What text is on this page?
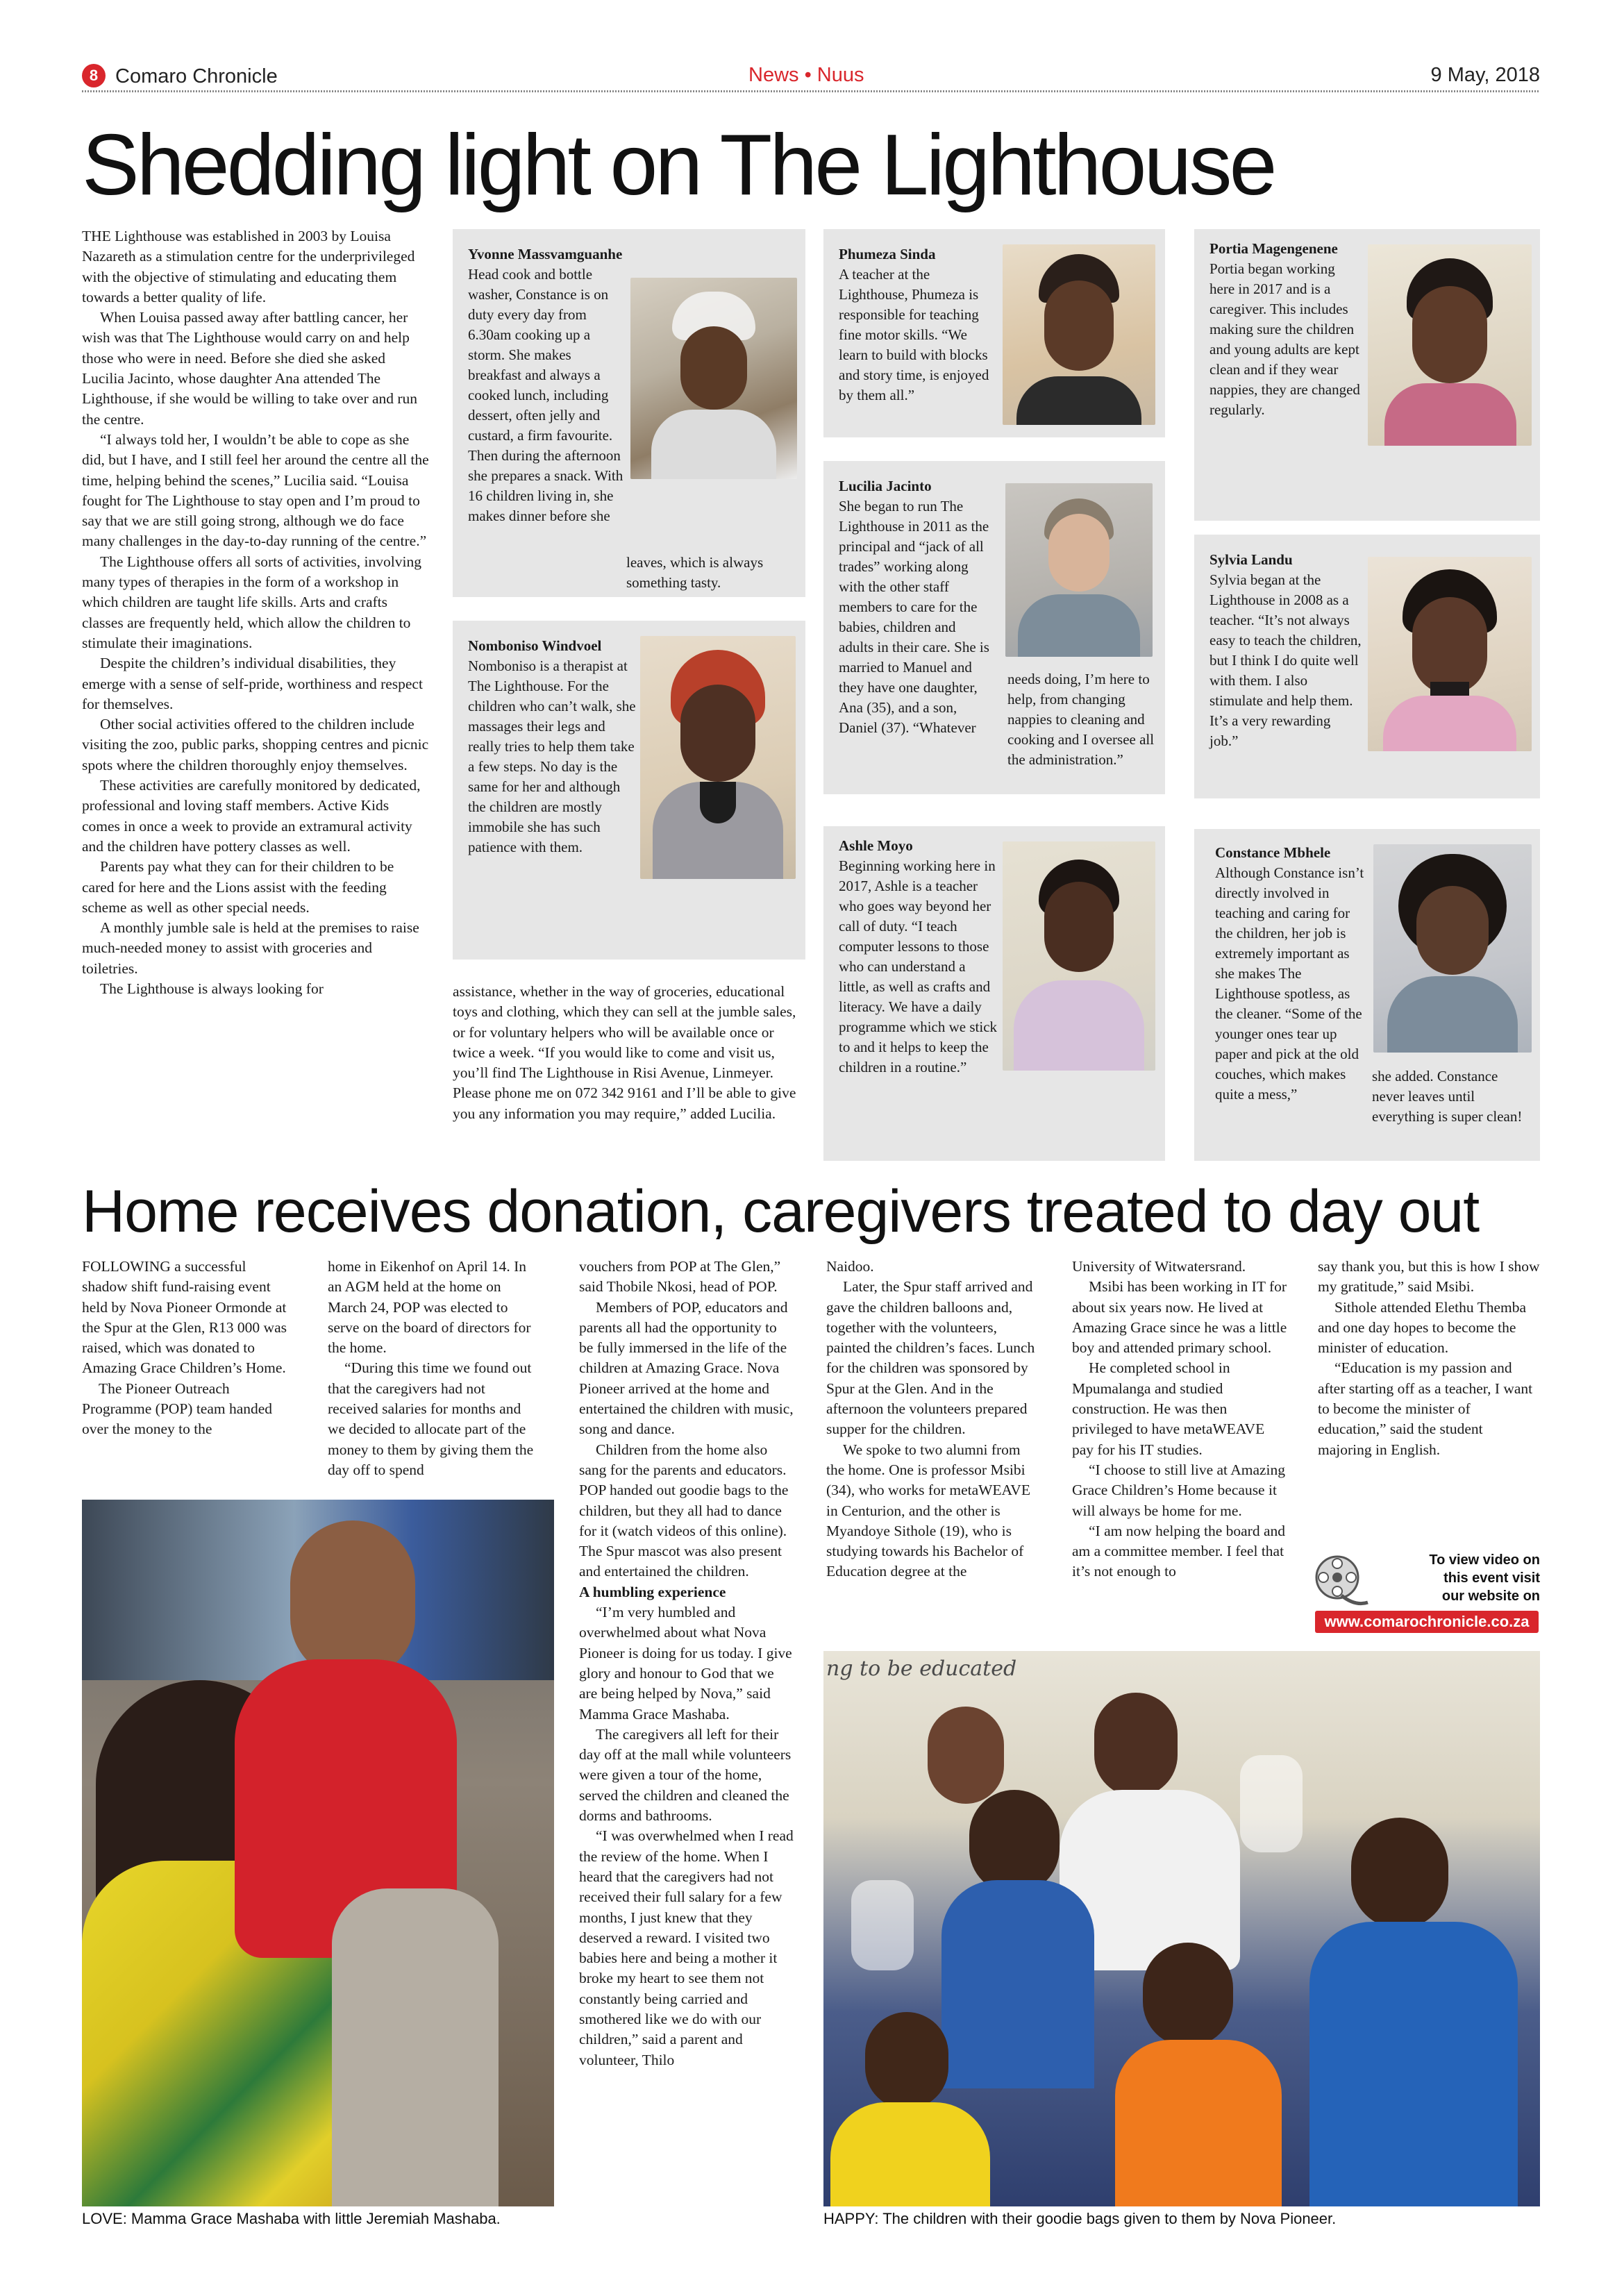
8 Comaro Chronicle	News • Nuus	9 May, 2018
Shedding light on The Lighthouse

THE Lighthouse was established in 2003 by Louisa Nazareth as a stimulation centre for the underprivileged with the objective of stimulating and educating them towards a better quality of life.

When Louisa passed away after battling cancer, her wish was that The Lighthouse would carry on and help those who were in need. Before she died she asked Lucilia Jacinto, whose daughter Ana attended The Lighthouse, if she would be willing to take over and run the centre.

“I always told her, I wouldn’t be able to cope as she did, but I have, and I still feel her around the centre all the time, helping behind the scenes,” Lucilia said. “Louisa fought for The Lighthouse to stay open and I’m proud to say that we are still going strong, although we do face many challenges in the day-to-day running of the centre.”

The Lighthouse offers all sorts of activities, involving many types of therapies in the form of a workshop in which children are taught life skills. Arts and crafts classes are frequently held, which allow the children to stimulate their imaginations.

Despite the children’s individual disabilities, they emerge with a sense of self-pride, worthiness and respect for themselves.

Other social activities offered to the children include visiting the zoo, public parks, shopping centres and picnic spots where the children thoroughly enjoy themselves.

These activities are carefully monitored by dedicated, professional and loving staff members. Active Kids comes in once a week to provide an extramural activity and the children have pottery classes as well.

Parents pay what they can for their children to be cared for here and the Lions assist with the feeding scheme as well as other special needs.

A monthly jumble sale is held at the premises to raise much-needed money to assist with groceries and toiletries.

The Lighthouse is always looking for

Yvonne Massvamguanhe
Head cook and bottle washer, Constance is on duty every day from 6.30am cooking up a storm. She makes breakfast and always a cooked lunch, including dessert, often jelly and custard, a firm favourite. Then during the afternoon she prepares a snack. With 16 children living in, she makes dinner before she
leaves, which is always something tasty.
Phumeza Sinda
A teacher at the Lighthouse, Phumeza is responsible for teaching fine motor skills. “We learn to build with blocks and story time, is enjoyed by them all.”
Portia Magengenene
Portia began working here in 2017 and is a caregiver. This includes making sure the children and young adults are kept clean and if they wear nappies, they are changed regularly.
Lucilia Jacinto
She began to run The Lighthouse in 2011 as the principal and “jack of all trades” working along with the other staff members to care for the babies, children and adults in their care. She is married to Manuel and they have one daughter, Ana (35), and a son, Daniel (37). “Whatever
needs doing, I’m here to help, from changing nappies to cleaning and cooking and I oversee all the administration.”
Sylvia Landu
Sylvia began at the Lighthouse in 2008 as a teacher. “It’s not always easy to teach the children, but I think I do quite well with them. I also stimulate and help them. It’s a very rewarding job.”
Nomboniso Windvoel
Nomboniso is a therapist at The Lighthouse. For the children who can’t walk, she massages their legs and really tries to help them take a few steps. No day is the same for her and although the children are mostly immobile she has such patience with them.	Ashle Moyo
Beginning working here in 2017, Ashle is a teacher who goes way beyond her call of duty. “I teach computer lessons to those who can understand a little, as well as crafts and literacy. We have a daily programme which we stick to and it helps to keep the children in a routine.”
Constance Mbhele
Although Constance isn’t directly involved in teaching and caring for the children, her job is extremely important as she makes The Lighthouse spotless, as the cleaner. “Some of the younger ones tear up paper and pick at the old couches, which makes quite a mess,”
she added. Constance never leaves until everything is super clean!
assistance, whether in the way of groceries, educational toys and clothing, which they can sell at the jumble sales, or for voluntary helpers who will be available once or twice a week. “If you would like to come and visit us, you’ll find The Lighthouse in Risi Avenue, Linmeyer. Please phone me on 072 342 9161 and I’ll be able to give you any information you may require,” added Lucilia.
Home receives donation, caregivers treated to day out

FOLLOWING a successful shadow shift fund-raising event held by Nova Pioneer Ormonde at the Spur at the Glen, R13 000 was raised, which was donated to Amazing Grace Children’s Home.

The Pioneer Outreach Programme (POP) team handed over the money to the

home in Eikenhof on April 14. In an AGM held at the home on March 24, POP was elected to serve on the board of directors for the home.

“During this time we found out that the caregivers had not received salaries for months and we decided to allocate part of the money to them by giving them the day off to spend

vouchers from POP at The Glen,” said Thobile Nkosi, head of POP.

Members of POP, educators and parents all had the opportunity to be fully immersed in the life of the children at Amazing Grace. Nova Pioneer arrived at the home and entertained the children with music, song and dance.

Children from the home also sang for the parents and educators. POP handed out goodie bags to the children, but they all had to dance for it (watch videos of this online). The Spur mascot was also present and entertained the children.

A humbling experience

“I’m very humbled and overwhelmed about what Nova Pioneer is doing for us today. I give glory and honour to God that we are being helped by Nova,” said Mamma Grace Mashaba.

The caregivers all left for their day off at the mall while volunteers were given a tour of the home, served the children and cleaned the dorms and bathrooms.

“I was overwhelmed when I read the review of the home. When I heard that the caregivers had not received their full salary for a few months, I just knew that they deserved a reward. I visited two babies here and being a mother it broke my heart to see them not constantly being carried and smothered like we do with our children,” said a parent and volunteer, Thilo

Naidoo.

Later, the Spur staff arrived and gave the children balloons and, together with the volunteers, painted the children’s faces. Lunch for the children was sponsored by Spur at the Glen. And in the afternoon the volunteers prepared supper for the children.

We spoke to two alumni from the home. One is professor Msibi (34), who works for metaWEAVE in Centurion, and the other is Myandoye Sithole (19), who is studying towards his Bachelor of Education degree at the

University of Witwatersrand.

Msibi has been working in IT for about six years now. He lived at Amazing Grace since he was a little boy and attended primary school.

He completed school in Mpumalanga and studied construction. He was then privileged to have metaWEAVE pay for his IT studies.

“I choose to still live at Amazing Grace Children’s Home because it will always be home for me.

“I am now helping the board and am a committee member. I feel that it’s not enough to

say thank you, but this is how I show my gratitude,” said Msibi.

Sithole attended Elethu Themba and one day hopes to become the minister of education.

“Education is my passion and after starting off as a teacher, I want to become the minister of education,” said the student majoring in English.

To view video on
this event visit
our website on
www.comarochronicle.co.za
LOVE: Mamma Grace Mashaba with little Jeremiah Mashaba.
ng to be educated
HAPPY: The children with their goodie bags given to them by Nova Pioneer.
